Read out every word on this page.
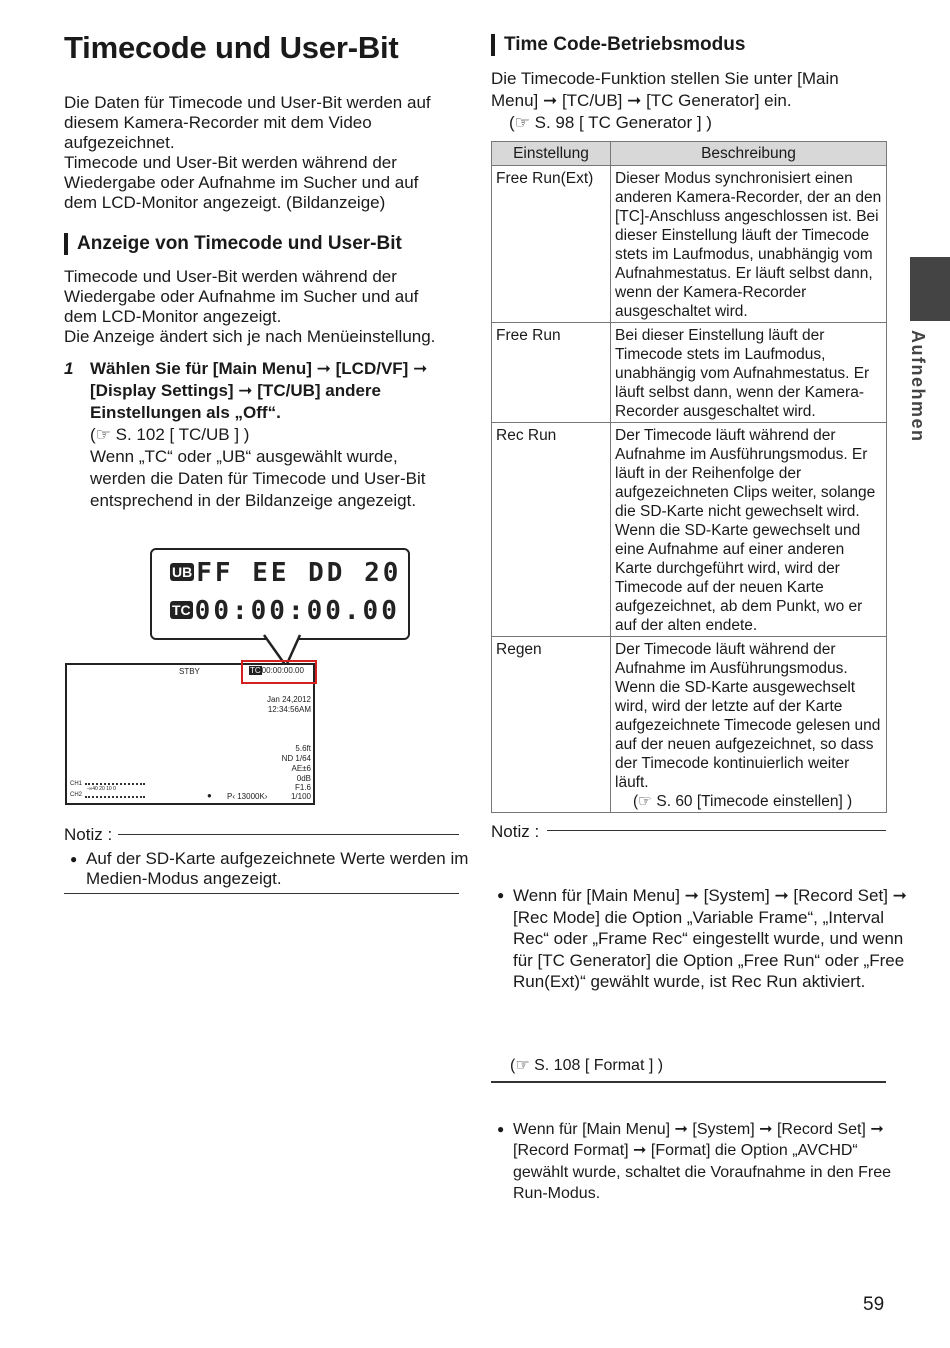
Timecode und User-Bit
Die Daten für Timecode und User-Bit werden auf
diesem Kamera-Recorder mit dem Video
aufgezeichnet.
Timecode und User-Bit werden während der
Wiedergabe oder Aufnahme im Sucher und auf
dem LCD-Monitor angezeigt. (Bildanzeige)
Anzeige von Timecode und User-Bit
Timecode und User-Bit werden während der
Wiedergabe oder Aufnahme im Sucher und auf
dem LCD-Monitor angezeigt.
Die Anzeige ändert sich je nach Menüeinstellung.
1 Wählen Sie für [Main Menu] ➞ [LCD/VF] ➞
[Display Settings] ➞ [TC/UB] andere
Einstellungen als „Off“.
(☞ S. 102 [ TC/UB ] )
Wenn „TC“ oder „UB“ ausgewählt wurde,
werden die Daten für Timecode und User-Bit
entsprechend in der Bildanzeige angezeigt.
UB FF EE DD 20
TC 00:00:00.00
STBY	TC00:00:00.00
Jan 24,2012
12:34:56AM
5.6ft
ND 1/64
AE±6
0dB
F1.6
1/100
P‹ 13000K›
●
CH1
CH2
-∞40 20 10 0
Notiz :
● Auf der SD-Karte aufgezeichnete Werte werden im Medien-Modus angezeigt.
Time Code-Betriebsmodus
Die Timecode-Funktion stellen Sie unter [Main
Menu] ➞ [TC/UB] ➞ [TC Generator] ein.
(☞ S. 98 [ TC Generator ] )
Einstellung	Beschreibung
Free Run(Ext)	Dieser Modus synchronisiert einen anderen Kamera-Recorder, der an den [TC]-Anschluss angeschlossen ist. Bei dieser Einstellung läuft der Timecode stets im Laufmodus, unabhängig vom Aufnahmestatus. Er läuft selbst dann, wenn der Kamera-Recorder ausgeschaltet wird.
Free Run	Bei dieser Einstellung läuft der Timecode stets im Laufmodus, unabhängig vom Aufnahmestatus. Er läuft selbst dann, wenn der Kamera-Recorder ausgeschaltet wird.
Rec Run	Der Timecode läuft während der Aufnahme im Ausführungsmodus. Er läuft in der Reihenfolge der aufgezeichneten Clips weiter, solange die SD-Karte nicht gewechselt wird. Wenn die SD-Karte gewechselt und eine Aufnahme auf einer anderen Karte durchgeführt wird, wird der Timecode auf der neuen Karte aufgezeichnet, ab dem Punkt, wo er auf der alten endete.
Regen	Der Timecode läuft während der Aufnahme im Ausführungsmodus. Wenn die SD-Karte ausgewechselt wird, wird der letzte auf der Karte aufgezeichnete Timecode gelesen und auf der neuen aufgezeichnet, so dass der Timecode kontinuierlich weiter läuft.
(☞ S. 60 [Timecode einstellen] )
Notiz :
● Wenn für [Main Menu] ➞ [System] ➞ [Record Set] ➞ [Rec Mode] die Option „Variable Frame“, „Interval Rec“ oder „Frame Rec“ eingestellt wurde, und wenn für [TC Generator] die Option „Free Run“ oder „Free Run(Ext)“ gewählt wurde, ist Rec Run aktiviert.
● Wenn für [Main Menu] ➞ [System] ➞ [Record Set] ➞ [Record Format] ➞ [Format] die Option „AVCHD“ gewählt wurde, schaltet die Voraufnahme in den Free Run-Modus.
(☞ S. 108 [ Format ] )
Aufnehmen
59
